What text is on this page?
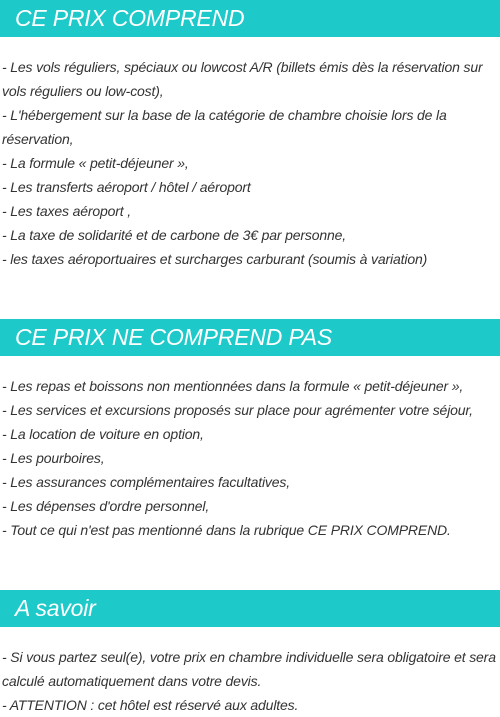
CE PRIX COMPREND
- Les vols réguliers, spéciaux ou lowcost A/R (billets émis dès la réservation sur vols réguliers ou low-cost),
- L'hébergement sur la base de la catégorie de chambre choisie lors de la réservation,
- La formule « petit-déjeuner »,
- Les transferts aéroport / hôtel / aéroport
- Les taxes aéroport ,
- La taxe de solidarité et de carbone de 3€ par personne,
- les taxes aéroportuaires et surcharges carburant (soumis à variation)
CE PRIX NE COMPREND PAS
- Les repas et boissons non mentionnées dans la formule « petit-déjeuner »,
- Les services et excursions proposés sur place pour agrémenter votre séjour,
- La location de voiture en option,
- Les pourboires,
- Les assurances complémentaires facultatives,
- Les dépenses d'ordre personnel,
- Tout ce qui n'est pas mentionné dans la rubrique CE PRIX COMPREND.
A savoir
- Si vous partez seul(e), votre prix en chambre individuelle sera obligatoire et sera calculé automatiquement dans votre devis.
- ATTENTION : cet hôtel est réservé aux adultes.
